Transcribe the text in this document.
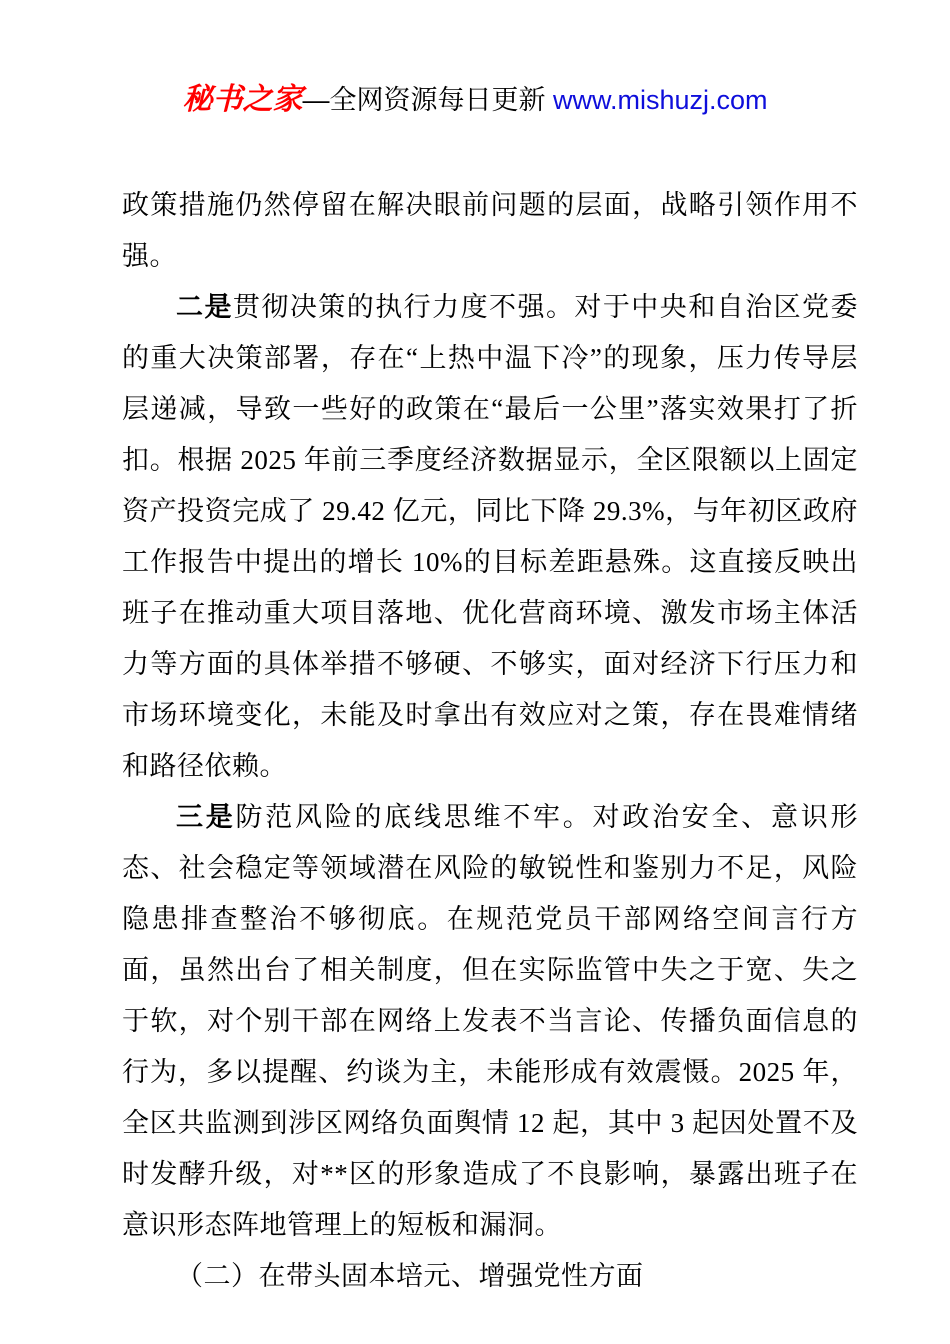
秘书之家—全网资源每日更新 www.mishuzj.com

政策措施仍然停留在解决眼前问题的层面，战略引领作用不强。

二是贯彻决策的执行力度不强。对于中央和自治区党委的重大决策部署，存在“上热中温下冷”的现象，压力传导层层递减，导致一些好的政策在“最后一公里”落实效果打了折扣。根据 2025 年前三季度经济数据显示，全区限额以上固定资产投资完成了 29.42 亿元，同比下降 29.3%，与年初区政府工作报告中提出的增长 10%的目标差距悬殊。这直接反映出班子在推动重大项目落地、优化营商环境、激发市场主体活力等方面的具体举措不够硬、不够实，面对经济下行压力和市场环境变化，未能及时拿出有效应对之策，存在畏难情绪和路径依赖。

三是防范风险的底线思维不牢。对政治安全、意识形态、社会稳定等领域潜在风险的敏锐性和鉴别力不足，风险隐患排查整治不够彻底。在规范党员干部网络空间言行方面，虽然出台了相关制度，但在实际监管中失之于宽、失之于软，对个别干部在网络上发表不当言论、传播负面信息的行为，多以提醒、约谈为主，未能形成有效震慑。2025 年，全区共监测到涉区网络负面舆情 12 起，其中 3 起因处置不及时发酵升级，对**区的形象造成了不良影响，暴露出班子在意识形态阵地管理上的短板和漏洞。

（二）在带头固本培元、增强党性方面
